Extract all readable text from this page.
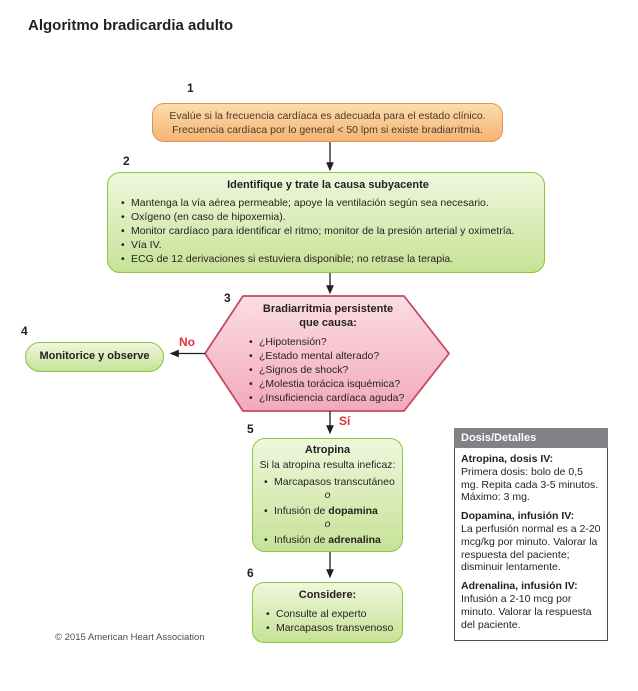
Algoritmo bradicardia adulto
1
Evalúe si la frecuencia cardíaca es adecuada para el estado clínico.
Frecuencia cardíaca por lo general < 50 lpm si existe bradiarritmia.
2
Identifique y trate la causa subyacente
• Mantenga la vía aérea permeable; apoye la ventilación según sea necesario.
• Oxígeno (en caso de hipoxemia).
• Monitor cardíaco para identificar el ritmo; monitor de la presión arterial y oximetría.
• Vía IV.
• ECG de 12 derivaciones si estuviera disponible; no retrase la terapia.
3
Bradiarritmia persistente
que causa:
• ¿Hipotensión?
• ¿Estado mental alterado?
• ¿Signos de shock?
• ¿Molestia torácica isquémica?
• ¿Insuficiencia cardíaca aguda?
4
Monitorice y observe
No
Sí
5
Atropina
Si la atropina resulta ineficaz:
• Marcapasos transcutáneo
o
• Infusión de dopamina
o
• Infusión de adrenalina
6
Considere:
• Consulte al experto
• Marcapasos transvenoso
Dosis/Detalles
Atropina, dosis IV:
Primera dosis: bolo de 0,5 mg. Repita cada 3-5 minutos. Máximo: 3 mg.
Dopamina, infusión IV:
La perfusión normal es a 2-20 mcg/kg por minuto. Valorar la respuesta del paciente; disminuir lentamente.
Adrenalina, infusión IV:
Infusión a 2-10 mcg por minuto. Valorar la respuesta del paciente.
© 2015 American Heart Association
